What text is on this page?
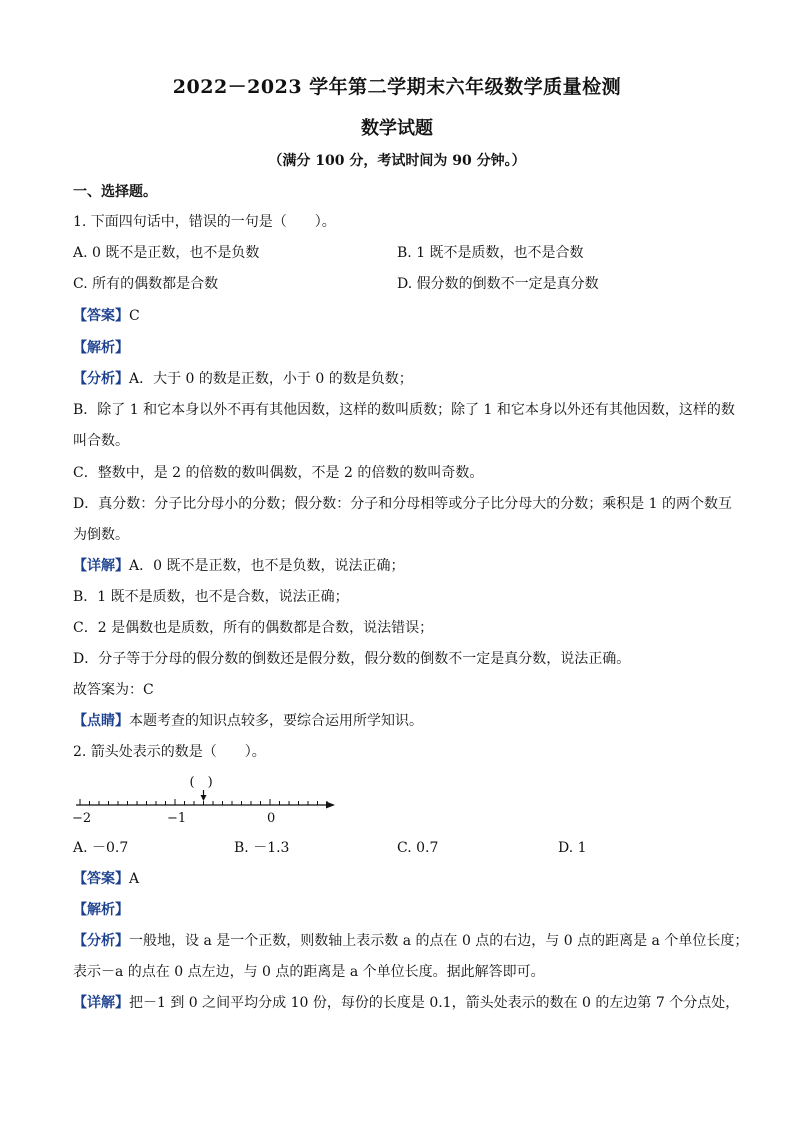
2022－2023 学年第二学期末六年级数学质量检测
数学试题
（满分 100 分，考试时间为 90 分钟。）
一、选择题。
1. 下面四句话中，错误的一句是（　　）。
A. 0 既不是正数，也不是负数	B. 1 既不是质数，也不是合数
C. 所有的偶数都是合数	D. 假分数的倒数不一定是真分数
【答案】C
【解析】
【分析】A．大于 0 的数是正数，小于 0 的数是负数；
B．除了 1 和它本身以外不再有其他因数，这样的数叫质数；除了 1 和它本身以外还有其他因数，这样的数
叫合数。
C．整数中，是 2 的倍数的数叫偶数，不是 2 的倍数的数叫奇数。
D．真分数：分子比分母小的分数；假分数：分子和分母相等或分子比分母大的分数；乘积是 1 的两个数互
为倒数。
【详解】A．0 既不是正数，也不是负数，说法正确；
B．1 既不是质数，也不是合数，说法正确；
C．2 是偶数也是质数，所有的偶数都是合数，说法错误；
D．分子等于分母的假分数的倒数还是假分数，假分数的倒数不一定是真分数，说法正确。
故答案为：C
【点睛】本题考查的知识点较多，要综合运用所学知识。
2. 箭头处表示的数是（　　）。
(　)
−2	−1	0
A. －0.7	B. －1.3	C. 0.7	D. 1
【答案】A
【解析】
【分析】一般地，设 a 是一个正数，则数轴上表示数 a 的点在 0 点的右边，与 0 点的距离是 a 个单位长度；
表示－a 的点在 0 点左边，与 0 点的距离是 a 个单位长度。据此解答即可。
【详解】把－1 到 0 之间平均分成 10 份，每份的长度是 0.1，箭头处表示的数在 0 的左边第 7 个分点处，
